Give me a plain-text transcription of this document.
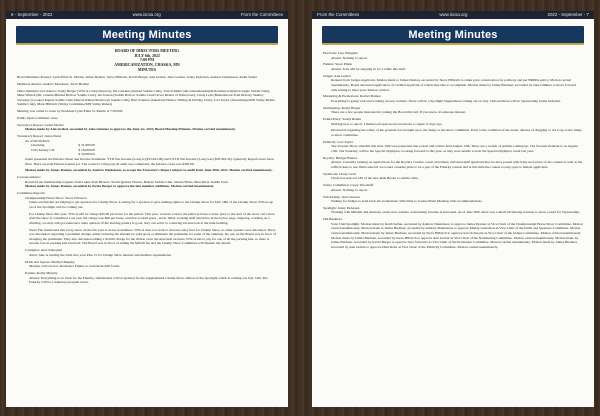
6 - September - 2022	www.iscsa.org	From the Committees
Meeting Minutes
BOARD OF DIRECTORS MEETING
JULY 6th, 2022
7:00 PM
AMERICANIZATION, CHASKA, MN
MINUTES
Board Members Present: Lynn-Ellen St. Martin, James Damon, Steve Hilbrich, Kevin Berger, Ann Grebel, Jake Gordon, Jenny Pedersen, Andrew Danielsson, Keith Sether
Members Absent: Andrew Moschner, Steve Hedlon
Other members and visitors: Trudy Berger (WSCA Camp Director), Pat Glashen (Annual Saddle Club), Tom Schmitz (All-Glensmanship/Performance/Western Apple Saddle Club), Mike Winick (Mt. Granite/Hunted Hollow Saddle Club), Jan Jenson (Saddle Hollow Saddle Club/Carver Riders of Watertown), Cindy Leib (Beldenbrook Trail Riders), Shelley Sweeney (Crooked Rapids Saddle Club/ Dakota Riders/Shadowyn Saddle Club), Bert Soutiere (Jakesland Hollow Sidling & Driving Club), Lori Taylor (Stonebridge/MN Valley Riders Saddle Club), Mark Hilbrich (Sibley Committee/MN Valley Riders)
Meeting was called to order by President Lynn-Ellen St. Martin at 7:00 PM
Public Open Comment: none
Secretary's Report: Leslie Mosier
Motion made by Ann Grebel, seconded by Jake Gimmer to approve the June 1st, 2022, Board Meeting Minutes. Motion carried unanimously.
Treasurer's Report: Jenna Durst
As of 06/30/2022
Checking	$ 31,983.00
CD's Money CD	$ 16,000.00
$ 50,983.02
Jenna presented the Balance Sheet and Income Statement. YTD Net Income (Loss) is ($55,625.00) and LYTD Net Income (Loss) was ($58,363.32). Quarterly Reports have been filed. There are paid Herald Journal yet. The worker's comp payroll audit was completed, the balance owed was $302.00.
Motion made by James Damon, seconded by Andrew Danielsson, to accept the Treasurer's Report subject to audit from June 30th, 2022. Motion carried unanimously.
Correspondence:
Received ten membership requests from Lakes Trail Blazers, Storm Quarter Horses, Beltran Saddle Club, Sandra Hicks, Bear River Saddle Club.
Motion made by James Damon, seconded by Kevin Berger to approve the late member additions. Motion carried unanimously.
Committee Reports:
Championship Horse Show: Steve Tillotson
James and Rachel are helping to get sponsors for Champ Show. Looking for a sponsor to give naming rights to the Champ Show for $10/ 18th of the Champ Show. Follow-up on of the Spotlight will be coming out.
For Champ Show this year, WSCA will be charge $45.00 per horse for the pellets. This year, we have to have the pellet set base to have prior to the start of the show can't show after the show is completed. Last year the charge was $60 per horse, and that worked great - show. Other working stuff should be in the bylaw page. Ongoing, working on a dividing, we may still get someone's other opinion. If the shaving quality is good, they can sell it to a shaving kit and look at the bulk bedding.
Steve Fair mentioned that every show on the fair year is down in numbers. WSCA does not want to increase entry fees for Champ Show, so other options were discussed. There was discussion regarding a premium change, either reducing the amount for paid spots or eliminate the premiums for some of the rankings. No one on the Board was in favor of changing the premiums. They also discussed adding a $10.00 charge for the ribbon on in the structural sections. WSCA has to pay for one of all the packing kits, so there is income loss in packing kits involved. The Board was in favor of adding the $20.00 fee and the Champ Show Committee will finalize the details.
Computer: Alex Kelnquist
Alexi: Jake is reading the form into your Plus 15 for Champ Show internet and member requirements.
Drills and Spaces: Marilyn Murphy
Marilyn will travel to Rochester Equine to train them drill forms.
Equine: Kathy Murphy
Absent: Everything is on track for the Futurity. Information will be updated for the supplemental Champ Show edition of the Spotlight which is coming out July 14th. The Futurity will be a Saturday program event.
From the Committees	www.iscsa.org	2022 - September - 7
Meeting Minutes
Elections: Lisa Wangelin
Absent. Nothing to report.
Fatkins: Steve Plank
Absent. Tom will be stepping in for a while this term.
Judges: Ann Grebel
Request from Judges Applicant. Motion made to James Damon, seconded by Steve Hilbrich to strike prior conversation for pathway and per BRPPA policy. Motion carried unanimously. Board discussed application of cardinal applicant of which they like to accomplish. Motion made by James Buchner, seconded by Jake Gimmer to move forward with testing to meet your. Motion carried.
Marketing & Promotions: Rachel Damon
Everything is going well and working on new website. There will be a Spotlight Supplement coming out on July 14th and there will be Sponsorship forms included.
Nominating: Kevin Berger
There are a few people interested in joining the Board this fall. If you know of someone interest.
Points/Entry: Sandy Roslin
Nothing new to report. I mailed out approved powerdown a couple of days ago.
Discussion regarding the safety of the grounds was brought up to the Judge or the show committee. Each to the condition of the arena, discuss of dragging or not is up to the Judge or show committee.
Publicity: Lori Taylor
The Sweater Show attended this June 18th was postponed due to heat and will be held August 13th. There are a couple of permits coming up. The Sweater Pennant is on August 13th. The Saturday, will be the Special Olympics. Looking forward to this year, as they were unable to host the Special Olympics event last year.
Royalty: Bridget Bilawa
Absent. Currently running on applications for the Royalty Contest. Great advertised, still send until applicant that we have posted which has each place of the contest as well as the raffle tickets to see. Bella asked if we would consider prize to be a part of the Futurity contest and at this time the contest is only open to female applicants.
Stylebook: Cindy Ladd
Cindy has sent out 182 of the new Rule Books to saddle clubs.
Safety Committee: Casey Woodruff
Absent. Nothing to report.
Scholarship: Jean Gleason
Waiting for Judges to send back the evaluations. Will mine to Joanne Brent Meeting with recommendations.
Spotlight: Jenny Pedersen
Working with Mindall and Anthony on the new website. Advertising revenue is increased. As of June 30th, there was a small advertising revenue to show a need for Sponsorship.
Old Business:
Vote: Unit Spotlight. Motion made by Keith Sether, seconded by Andrew Danielsson to approve James Donner as Vice Chair of the Championship Horse Show Committee. Motion carried unanimously. Motion made to James Buchner, seconded by Andrew Danielsson to approve Mandy Gustafson as Vice Chair of the Drills and Sponsors Committee. Motion carried unanimously. Motion made by James Buchner, seconded by Steve Hilbrich to approve Sara Schwartz as Vice Chair of the Judges Committee. Motion carried unanimously. Motion made by James Buchner, seconded by Steve Hilbrich to approve Ann Grebel as Vice Chair of the Nominating Committee. Motion carried unanimously. Motion made by James Buchner, seconded by Kevin Berger to approve Sara Schwartz as Vice Chair of the Promotion Committee. Motion carried unanimously. Motion made by James Buchner, seconded by Ann Grebel to approve Dani Robe as Vice Chair of the Publicity Committee. Motion carried unanimously.
